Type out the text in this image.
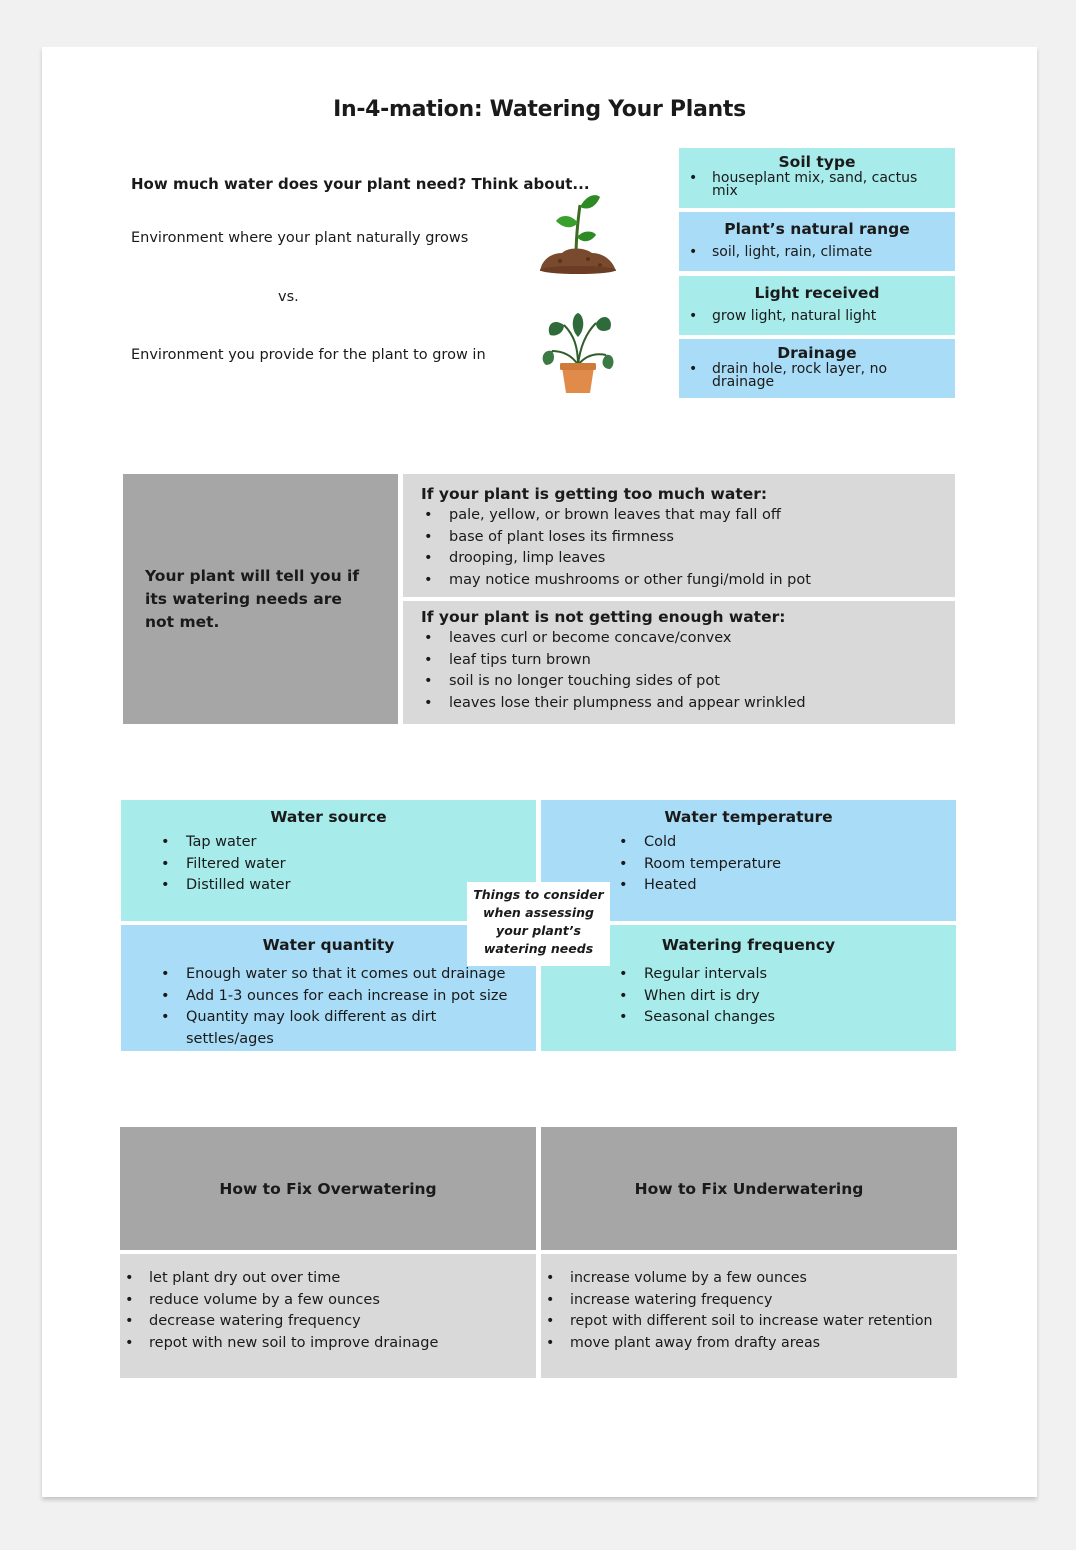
In-4-mation: Watering Your Plants
How much water does your plant need? Think about...
Environment where your plant naturally grows
vs.
Environment you provide for the plant to grow in
Soil type
• houseplant mix, sand, cactus mix
Plant’s natural range
• soil, light, rain, climate
Light received
• grow light, natural light
Drainage
• drain hole, rock layer, no drainage
Your plant will tell you if its watering needs are not met.
If your plant is getting too much water:
• pale, yellow, or brown leaves that may fall off
• base of plant loses its firmness
• drooping, limp leaves
• may notice mushrooms or other fungi/mold in pot
If your plant is not getting enough water:
• leaves curl or become concave/convex
• leaf tips turn brown
• soil is no longer touching sides of pot
• leaves lose their plumpness and appear wrinkled
Water source
• Tap water
• Filtered water
• Distilled water
Water temperature
• Cold
• Room temperature
• Heated
Water quantity
• Enough water so that it comes out drainage
• Add 1-3 ounces for each increase in pot size
• Quantity may look different as dirt settles/ages
Watering frequency
• Regular intervals
• When dirt is dry
• Seasonal changes
Things to consider when assessing your plant’s watering needs
How to Fix Overwatering	How to Fix Underwatering
• let plant dry out over time
• reduce volume by a few ounces
• decrease watering frequency
• repot with new soil to improve drainage
• increase volume by a few ounces
• increase watering frequency
• repot with different soil to increase water retention
• move plant away from drafty areas
